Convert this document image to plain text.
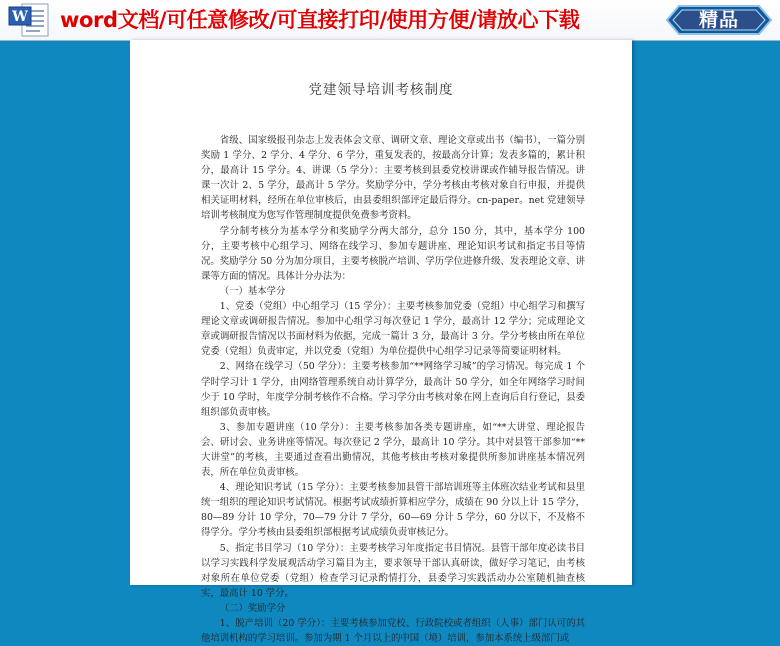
W word文档/可任意修改/可直接打印/使用方便/请放心下载	精品
党建领导培训考核制度

省级、国家级报刊杂志上发表体会文章、调研文章、理论文章或出书（编书），一篇分别奖励 1 学分、2 学分、4 学分、6 学分，重复发表的，按最高分计算；发表多篇的，累计积分，最高计 15 学分。4、讲课（5 学分）：主要考核到县委党校讲课或作辅导报告情况。讲课一次计 2、5 学分，最高计 5 学分。奖励学分中，学分考核由考核对象自行申报，并提供相关证明材料，经所在单位审核后，由县委组织部评定最后得分。cn-paper。net 党建领导培训考核制度为您写作管理制度提供免费参考资料。

学分制考核分为基本学分和奖励学分两大部分，总分 150 分，其中，基本学分 100 分，主要考核中心组学习、网络在线学习、参加专题讲座、理论知识考试和指定书目等情况。奖励学分 50 分为加分项目，主要考核脱产培训、学历学位进修升级、发表理论文章、讲课等方面的情况。具体计分办法为：

（一）基本学分

1、党委（党组）中心组学习（15 学分）：主要考核参加党委（党组）中心组学习和撰写理论文章或调研报告情况。参加中心组学习每次登记 1 学分，最高计 12 学分；完成理论文章或调研报告情况以书面材料为依据，完成一篇计 3 分，最高计 3 分。学分考核由所在单位党委（党组）负责审定，并以党委（党组）为单位提供中心组学习记录等简要证明材料。

2、网络在线学习（50 学分）：主要考核参加“**网络学习城”的学习情况。每完成 1 个学时学习计 1 学分，由网络管理系统自动计算学分，最高计 50 学分，如全年网络学习时间少于 10 学时，年度学分制考核作不合格。学习学分由考核对象在网上查询后自行登记，县委组织部负责审核。

3、参加专题讲座（10 学分）：主要考核参加各类专题讲座，如“**大讲堂、理论报告会、研讨会、业务讲座等情况。每次登记 2 学分，最高计 10 学分。其中对县管干部参加“**大讲堂”的考核，主要通过查看出勤情况，其他考核由考核对象提供所参加讲座基本情况列表，所在单位负责审核。

4、理论知识考试（15 学分）：主要考核参加县管干部培训班等主体班次结业考试和县里统一组织的理论知识考试情况。根据考试成绩折算相应学分，成绩在 90 分以上计 15 学分，80—89 分计 10 学分，70—79 分计 7 学分，60—69 分计 5 学分，60 分以下，不及格不得学分。学分考核由县委组织部根据考试成绩负责审核记分。

5、指定书目学习（10 学分）：主要考核学习年度指定书目情况。县管干部年度必读书目以学习实践科学发展观活动学习篇目为主，要求领导干部认真研读，做好学习笔记，由考核对象所在单位党委（党组）检查学习记录酌情打分，县委学习实践活动办公室随机抽查核实，最高计 10 学分。

（二）奖励学分

1、脱产培训（20 学分）：主要考核参加党校、行政院校或者组织（人事）部门认可的其他培训机构的学习培训。参加为期 1 个月以上的中国（境）培训，参加本系统上级部门或
